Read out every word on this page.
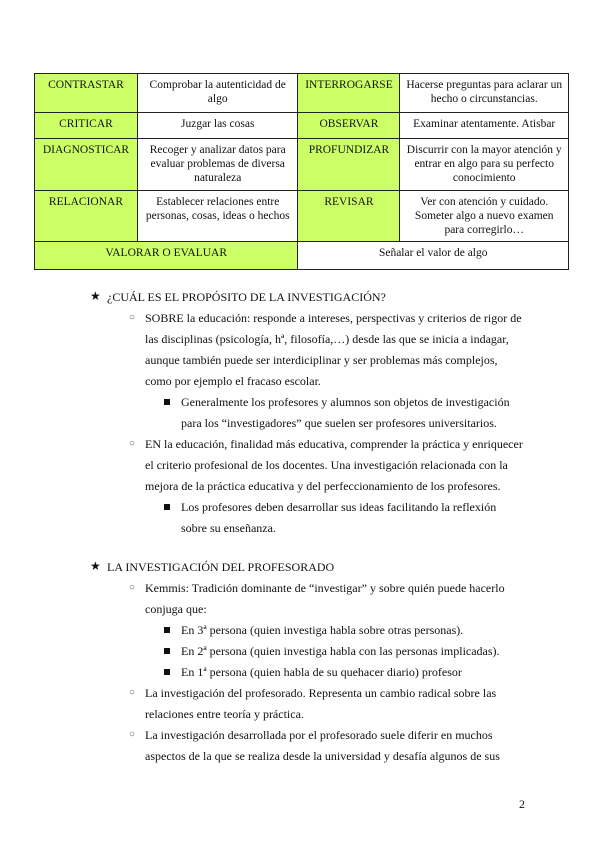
CONTRASTAR	Comprobar la autenticidad de algo	INTERROGARSE	Hacerse preguntas para aclarar un hecho o circunstancias.
CRITICAR	Juzgar las cosas	OBSERVAR	Examinar atentamente. Atisbar
DIAGNOSTICAR	Recoger y analizar datos para evaluar problemas de diversa naturaleza	PROFUNDIZAR	Discurrir con la mayor atención y entrar en algo para su perfecto conocimiento
RELACIONAR	Establecer relaciones entre personas, cosas, ideas o hechos	REVISAR	Ver con atención y cuidado. Someter algo a nuevo examen para corregirlo…
VALORAR O EVALUAR		Señalar el valor de algo	
★ ¿CUÁL ES EL PROPÓSITO DE LA INVESTIGACIÓN?
○ SOBRE la educación: responde a intereses, perspectivas y criterios de rigor de
las disciplinas (psicología, hª, filosofía,…) desde las que se inicia a indagar,
aunque también puede ser interdiciplinar y ser problemas más complejos,
como por ejemplo el fracaso escolar.
Generalmente los profesores y alumnos son objetos de investigación
para los “investigadores” que suelen ser profesores universitarios.
○ EN la educación, finalidad más educativa, comprender la práctica y enriquecer
el criterio profesional de los docentes. Una investigación relacionada con la
mejora de la práctica educativa y del perfeccionamiento de los profesores.
Los profesores deben desarrollar sus ideas facilitando la reflexión
sobre su enseñanza.
★ LA INVESTIGACIÓN DEL PROFESORADO
○ Kemmis: Tradición dominante de “investigar” y sobre quién puede hacerlo
conjuga que:
En 3ª persona (quien investiga habla sobre otras personas).
En 2ª persona (quien investiga habla con las personas implicadas).
En 1ª persona (quien habla de su quehacer diario) profesor
○ La investigación del profesorado. Representa un cambio radical sobre las
relaciones entre teoría y práctica.
○ La investigación desarrollada por el profesorado suele diferir en muchos
aspectos de la que se realiza desde la universidad y desafía algunos de sus
2
